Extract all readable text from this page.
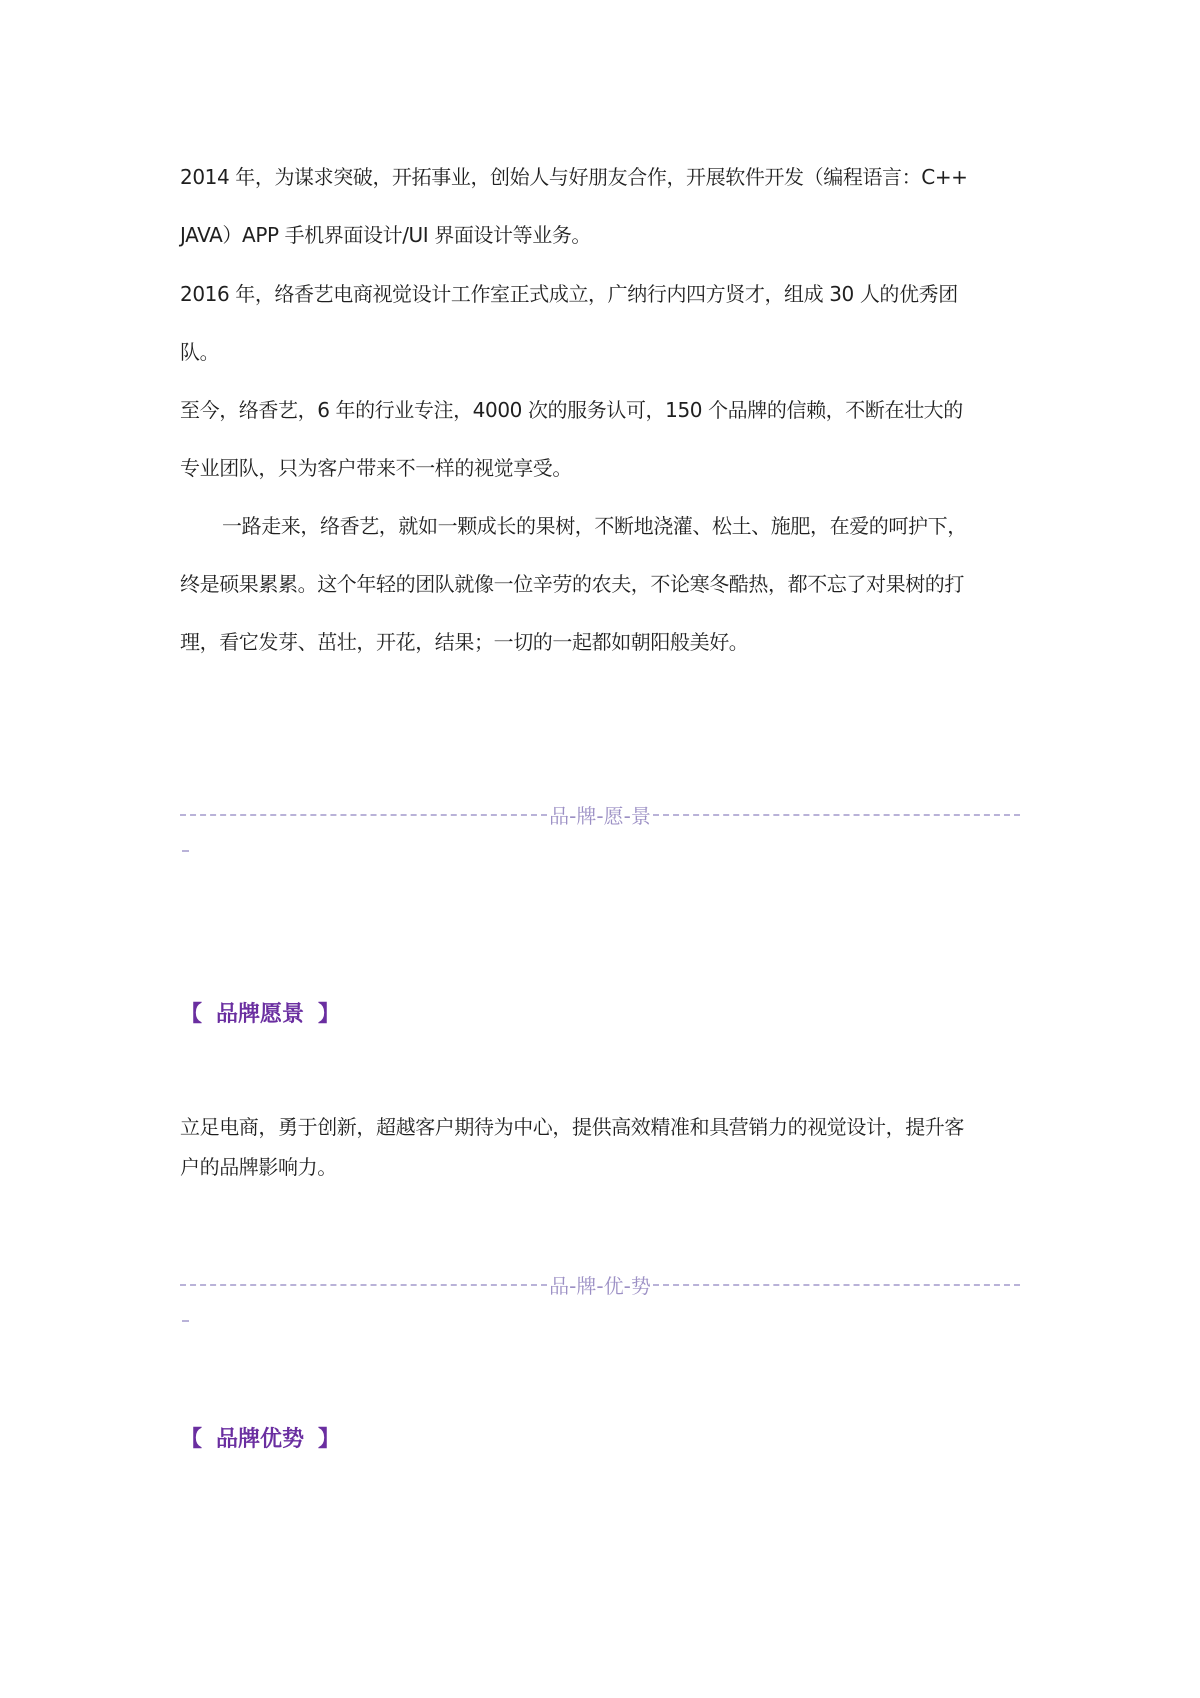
2014 年，为谋求突破，开拓事业，创始人与好朋友合作，开展软件开发（编程语言：C++
JAVA）APP 手机界面设计/UI 界面设计等业务。
2016 年，络香艺电商视觉设计工作室正式成立，广纳行内四方贤才，组成 30 人的优秀团
队。
至今，络香艺，6 年的行业专注，4000 次的服务认可，150 个品牌的信赖，不断在壮大的
专业团队，只为客户带来不一样的视觉享受。
一路走来，络香艺，就如一颗成长的果树，不断地浇灌、松土、施肥，在爱的呵护下，
终是硕果累累。这个年轻的团队就像一位辛劳的农夫，不论寒冬酷热，都不忘了对果树的打
理，看它发芽、茁壮，开花，结果；一切的一起都如朝阳般美好。
品-牌-愿-景
【 品牌愿景 】
立足电商，勇于创新，超越客户期待为中心，提供高效精准和具营销力的视觉设计，提升客
户的品牌影响力。
品-牌-优-势
【 品牌优势 】
